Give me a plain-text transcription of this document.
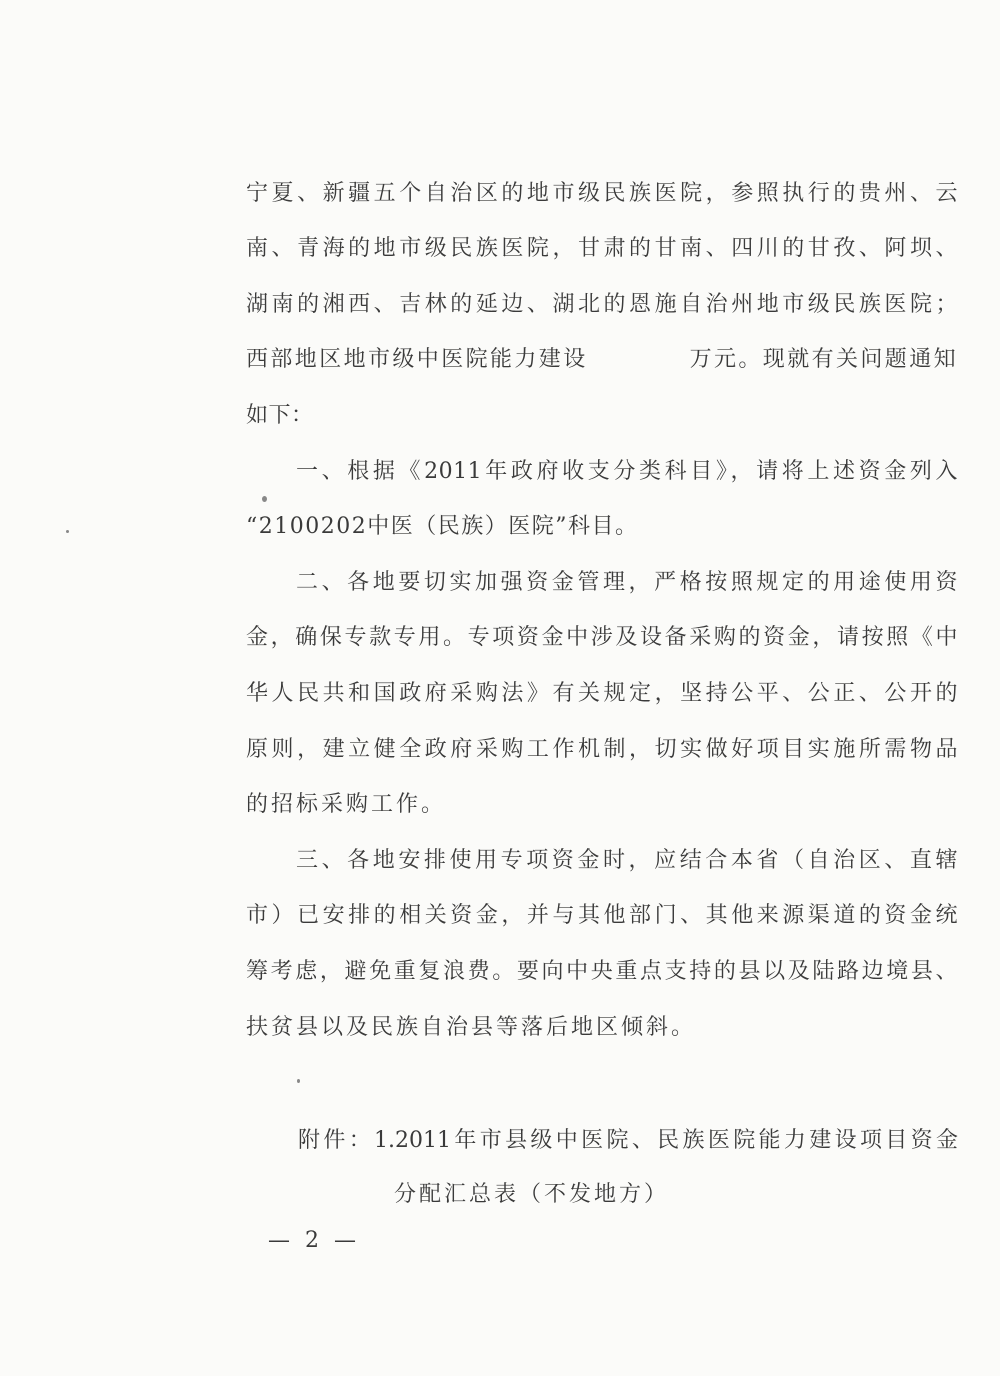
宁夏、新疆五个自治区的地市级民族医院，参照执行的贵州、云
南、青海的地市级民族医院，甘肃的甘南、四川的甘孜、阿坝、
湖南的湘西、吉林的延边、湖北的恩施自治州地市级民族医院；
西部地区地市级中医院能力建设	万元。现就有关问题通知
如下：
一、根据《2011年政府收支分类科目》，请将上述资金列入
“2100202中医（民族）医院”科目。
二、各地要切实加强资金管理，严格按照规定的用途使用资
金，确保专款专用。专项资金中涉及设备采购的资金，请按照《中
华人民共和国政府采购法》有关规定，坚持公平、公正、公开的
原则，建立健全政府采购工作机制，切实做好项目实施所需物品
的招标采购工作。
三、各地安排使用专项资金时，应结合本省（自治区、直辖
市）已安排的相关资金，并与其他部门、其他来源渠道的资金统
筹考虑，避免重复浪费。要向中央重点支持的县以及陆路边境县、
扶贫县以及民族自治县等落后地区倾斜。
附件：1.2011年市县级中医院、民族医院能力建设项目资金
分配汇总表（不发地方）
— 2 —
